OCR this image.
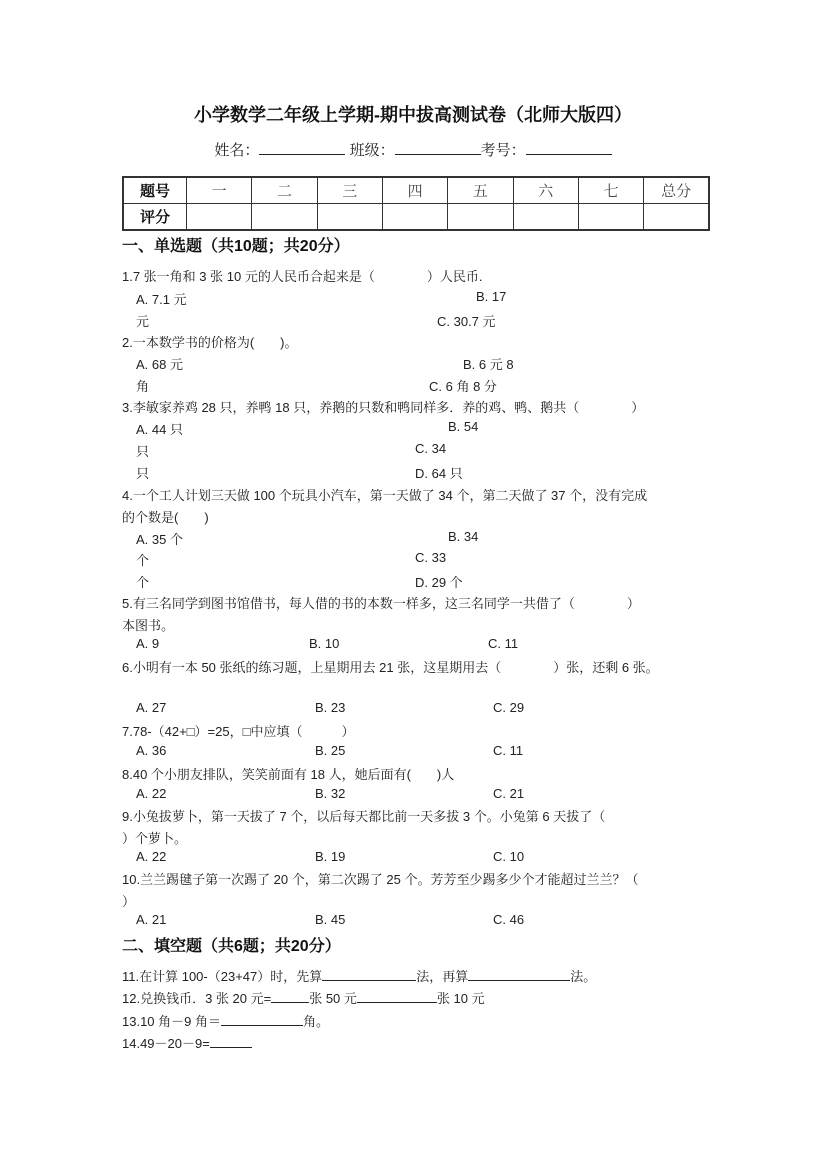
小学数学二年级上学期-期中拔高测试卷（北师大版四）
姓名：	班级：	考号：
题号	一	二	三	四	五	六	七	总分
评分								
一、单选题（共10题；共20分）
1.7 张一角和 3 张 10 元的人民币合起来是（　　　　）人民币.
A. 7.1 元	B. 17
元	C. 30.7 元
2.一本数学书的价格为(　　)。
A. 68 元	B. 6 元 8
角	C. 6 角 8 分
3.李敏家养鸡 28 只，养鸭 18 只，养鹅的只数和鸭同样多．养的鸡、鸭、鹅共（　　　　）
A. 44 只	B. 54
只	C. 34
只	D. 64 只
4.一个工人计划三天做 100 个玩具小汽车，第一天做了 34 个，第二天做了 37 个，没有完成
的个数是(　　)
A. 35 个	B. 34
个	C. 33
个	D. 29 个
5.有三名同学到图书馆借书，每人借的书的本数一样多，这三名同学一共借了（　　　　）
本图书。
A. 9	B. 10	C. 11
6.小明有一本 50 张纸的练习题，上星期用去 21 张，这星期用去（　　　　）张，还剩 6 张。
A. 27	B. 23	C. 29
7.78-（42+□）=25，□中应填（　　　）
A. 36	B. 25	C. 11
8.40 个小朋友排队，笑笑前面有 18 人，她后面有(　　)人
A. 22	B. 32	C. 21
9.小兔拔萝卜，第一天拔了 7 个，以后每天都比前一天多拔 3 个。小兔第 6 天拔了（
）个萝卜。
A. 22	B. 19	C. 10
10.兰兰踢毽子第一次踢了 20 个，第二次踢了 25 个。芳芳至少踢多少个才能超过兰兰？（
）
A. 21	B. 45	C. 46
二、填空题（共6题；共20分）
11.在计算 100-（23+47）时，先算	法，再算	法。
12.兑换钱币．3 张 20 元=	张 50 元	张 10 元
13.10 角－9 角＝	角。
14.49－20－9=
